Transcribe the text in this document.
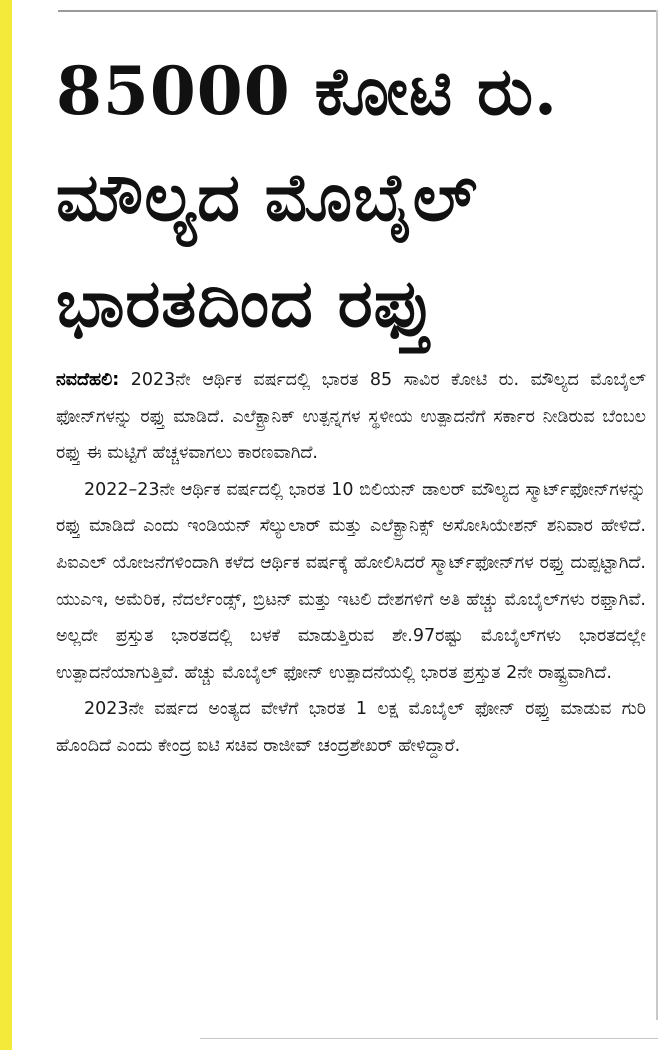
85000 ಕೋಟಿ ರು.
ಮೌಲ್ಯದ ಮೊಬೈಲ್
ಭಾರತದಿಂದ ರಫ್ತು

ನವದೆಹಲಿ: 2023ನೇ ಆರ್ಥಿಕ ವರ್ಷದಲ್ಲಿ ಭಾರತ 85 ಸಾವಿರ ಕೋಟಿ ರು. ಮೌಲ್ಯದ ಮೊಬೈಲ್ ಫೋನ್‌ಗಳನ್ನು ರಫ್ತು ಮಾಡಿದೆ. ಎಲೆಕ್ಟ್ರಾನಿಕ್ ಉತ್ಪನ್ನಗಳ ಸ್ಥಳೀಯ ಉತ್ಪಾದನೆಗೆ ಸರ್ಕಾರ ನೀಡಿರುವ ಬೆಂಬಲ ರಫ್ತು ಈ ಮಟ್ಟಿಗೆ ಹೆಚ್ಚಳವಾಗಲು ಕಾರಣವಾಗಿದೆ.

2022–23ನೇ ಆರ್ಥಿಕ ವರ್ಷದಲ್ಲಿ ಭಾರತ 10 ಬಿಲಿಯನ್ ಡಾಲರ್ ಮೌಲ್ಯದ ಸ್ಮಾರ್ಟ್‌ಫೋನ್‌ಗಳನ್ನು ರಫ್ತು ಮಾಡಿದೆ ಎಂದು ಇಂಡಿಯನ್ ಸೆಲ್ಯುಲಾರ್ ಮತ್ತು ಎಲೆಕ್ಟ್ರಾನಿಕ್ಸ್ ಅಸೋಸಿಯೇಶನ್ ಶನಿವಾರ ಹೇಳಿದೆ. ಪಿಐಎಲ್ ಯೋಜನೆಗಳಿಂದಾಗಿ ಕಳೆದ ಆರ್ಥಿಕ ವರ್ಷಕ್ಕೆ ಹೋಲಿಸಿದರೆ ಸ್ಮಾರ್ಟ್‌ಫೋನ್‌ಗಳ ರಫ್ತು ದುಪ್ಪಟ್ಟಾಗಿದೆ. ಯುಎಇ, ಅಮೆರಿಕ, ನೆದರ್ಲೆಂಡ್ಸ್, ಬ್ರಿಟನ್ ಮತ್ತು ಇಟಲಿ ದೇಶಗಳಿಗೆ ಅತಿ ಹೆಚ್ಚು ಮೊಬೈಲ್‌ಗಳು ರಫ್ತಾಗಿವೆ. ಅಲ್ಲದೇ ಪ್ರಸ್ತುತ ಭಾರತದಲ್ಲಿ ಬಳಕೆ ಮಾಡುತ್ತಿರುವ ಶೇ.97ರಷ್ಟು ಮೊಬೈಲ್‌ಗಳು ಭಾರತದಲ್ಲೇ ಉತ್ಪಾದನೆಯಾಗುತ್ತಿವೆ. ಹೆಚ್ಚು ಮೊಬೈಲ್ ಫೋನ್ ಉತ್ಪಾದನೆಯಲ್ಲಿ ಭಾರತ ಪ್ರಸ್ತುತ 2ನೇ ರಾಷ್ಟ್ರವಾಗಿದೆ.

2023ನೇ ವರ್ಷದ ಅಂತ್ಯದ ವೇಳೆಗೆ ಭಾರತ 1 ಲಕ್ಷ ಮೊಬೈಲ್ ಫೋನ್ ರಫ್ತು ಮಾಡುವ ಗುರಿ ಹೊಂದಿದೆ ಎಂದು ಕೇಂದ್ರ ಐಟಿ ಸಚಿವ ರಾಜೀವ್ ಚಂದ್ರಶೇಖರ್ ಹೇಳಿದ್ದಾರೆ.
